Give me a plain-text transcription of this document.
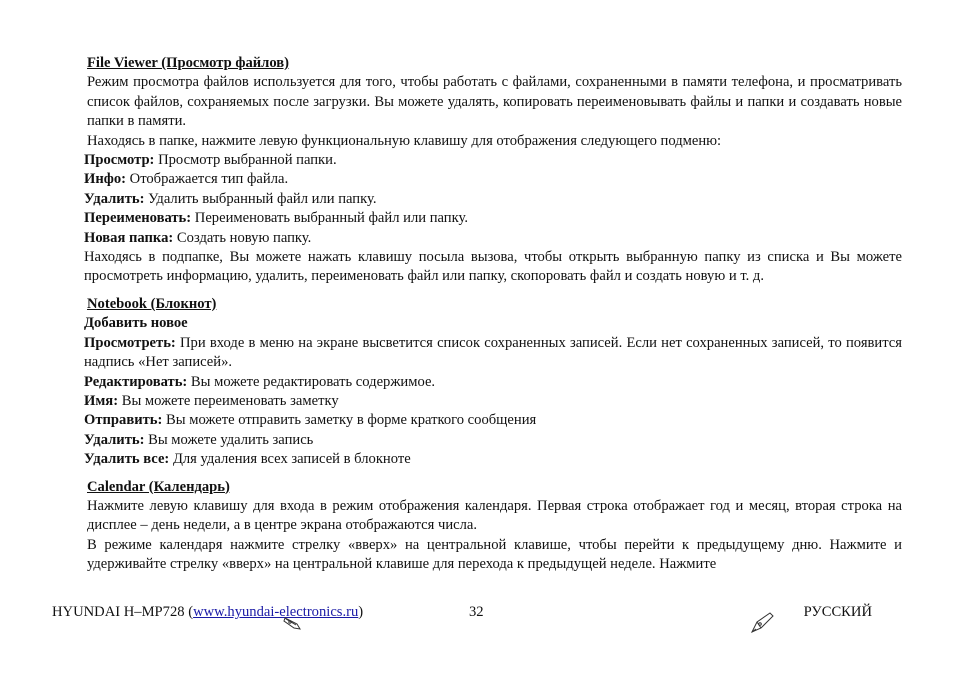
File Viewer (Просмотр файлов)

Режим просмотра файлов используется для того, чтобы работать с файлами, сохраненными в памяти телефона, и просматривать список файлов, сохраняемых после загрузки. Вы можете удалять, копировать переименовывать файлы и папки и создавать новые папки в памяти.

Находясь в папке, нажмите левую функциональную клавишу для отображения следующего подменю:

Просмотр: Просмотр выбранной папки.

Инфо: Отображается тип файла.

Удалить: Удалить выбранный файл или папку.

Переименовать: Переименовать выбранный файл или папку.

Новая папка: Создать новую папку.

Находясь в подпапке, Вы можете нажать клавишу посыла вызова, чтобы открыть выбранную папку из списка и Вы можете просмотреть информацию, удалить, переименовать файл или папку, скопоровать файл и создать новую и т. д.

Notebook (Блокнот)

Добавить новое

Просмотреть: При входе в меню на экране высветится список сохраненных записей. Если нет сохраненных записей, то появится надпись «Нет записей».

Редактировать: Вы можете редактировать содержимое.

Имя: Вы можете переименовать заметку

Отправить: Вы можете отправить заметку в форме краткого сообщения

Удалить: Вы можете удалить запись

Удалить все: Для удаления всех записей в блокноте

Calendar (Календарь)

Нажмите левую клавишу для входа в режим отображения календаря. Первая строка отображает год и месяц, вторая строка на дисплее – день недели, а в центре экрана отображаются числа.

В режиме календаря нажмите стрелку «вверх» на центральной клавише, чтобы перейти к предыдущему дню. Нажмите и удерживайте стрелку «вверх» на центральной клавише для перехода к предыдущей неделе. Нажмите

HYUNDAI H–MP728 (www.hyundai-electronics.ru)	32	РУССКИЙ
